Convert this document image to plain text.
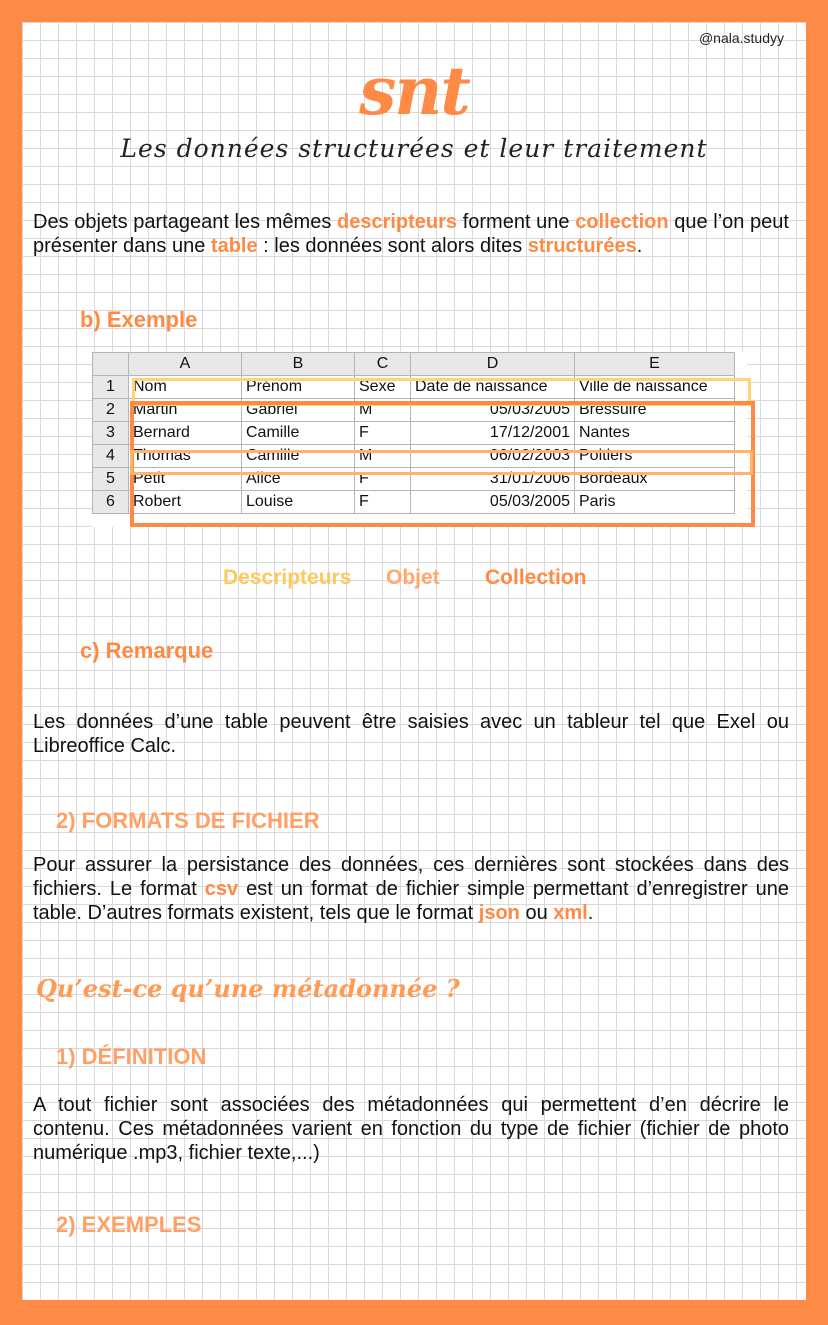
@nala.studyy
snt
Les données structurées et leur traitement
Des objets partageant les mêmes descripteurs forment une collection que l’on peut présenter dans une table : les données sont alors dites structurées.
b) Exemple
	A	B	C	D	E
1	Nom	Prénom	Sexe	Date de naissance	Ville de naissance
2	Martin	Gabriel	M	05/03/2005	Bressuire
3	Bernard	Camille	F	17/12/2001	Nantes
4	Thomas	Camille	M	06/02/2003	Poitiers
5	Petit	Alice	F	31/01/2006	Bordeaux
6	Robert	Louise	F	05/03/2005	Paris
Descripteurs Objet Collection
c) Remarque
Les données d’une table peuvent être saisies avec un tableur tel que Exel ou Libreoffice Calc.
2) FORMATS DE FICHIER
Pour assurer la persistance des données, ces dernières sont stockées dans des fichiers. Le format csv est un format de fichier simple permettant d’enregistrer une table. D’autres formats existent, tels que le format json ou xml.
Qu’est-ce qu’une métadonnée ?
1) DÉFINITION
A tout fichier sont associées des métadonnées qui permettent d’en décrire le contenu. Ces métadonnées varient en fonction du type de fichier (fichier de photo numérique .mp3, fichier texte,...)
2) EXEMPLES
